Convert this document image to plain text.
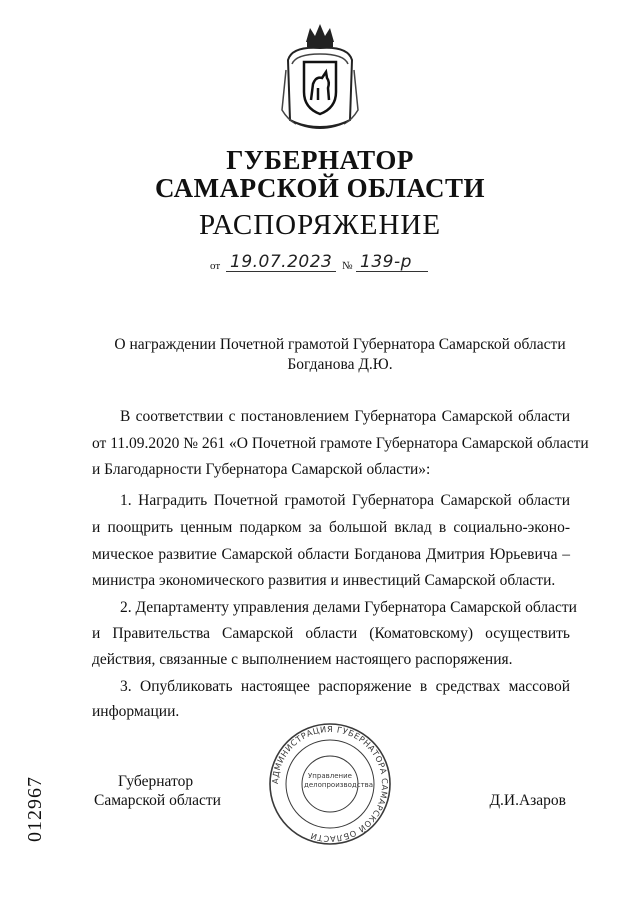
ГУБЕРНАТОР
САМАРСКОЙ ОБЛАСТИ
РАСПОРЯЖЕНИЕ
от 19.07.2023 № 139-р
О награждении Почетной грамотой Губернатора Самарской области
Богданова Д.Ю.
В соответствии с постановлением Губернатора Самарской области
от 11.09.2020 № 261 «О Почетной грамоте Губернатора Самарской области
и Благодарности Губернатора Самарской области»:
1. Наградить Почетной грамотой Губернатора Самарской области
и поощрить ценным подарком за большой вклад в социально-эконо-
мическое развитие Самарской области Богданова Дмитрия Юрьевича –
министра экономического развития и инвестиций Самарской области.
2. Департаменту управления делами Губернатора Самарской области
и Правительства Самарской области (Коматовскому) осуществить
действия, связанные с выполнением настоящего распоряжения.
3. Опубликовать настоящее распоряжение в средствах массовой
информации.
012967	Губернатор
Самарской области
АДМИНИСТРАЦИЯ ГУБЕРНАТОРА САМАРСКОЙ ОБЛАСТИ
Управление делопроизводства
Д.И.Азаров
